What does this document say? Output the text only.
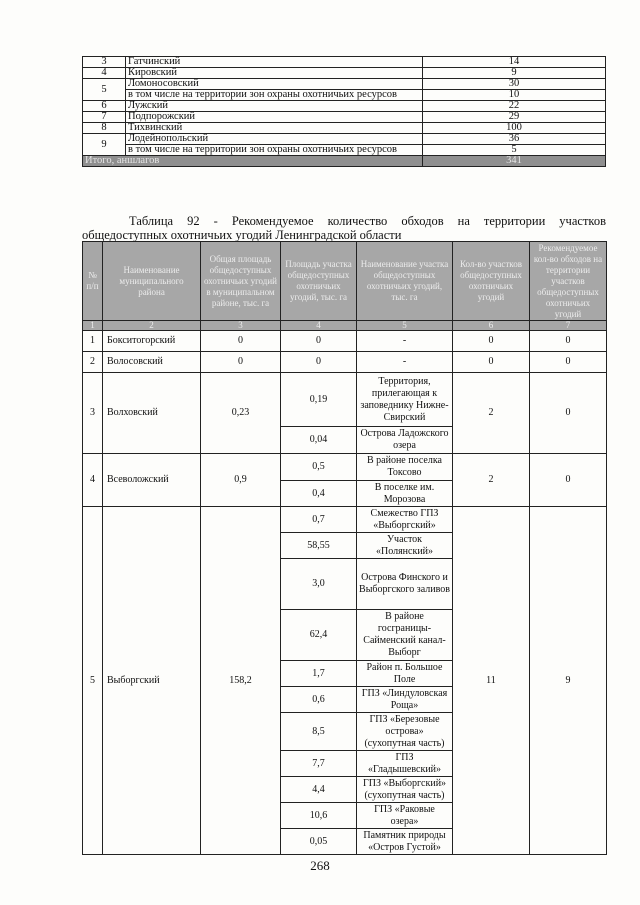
3	Гатчинский	14
4	Кировский	9
5	Ломоносовский	30
	в том числе на территории зон охраны охотничьих ресурсов	10
6	Лужский	22
7	Подпорожский	29
8	Тихвинский	100
9	Лодейнопольский	36
	в том числе на территории зон охраны охотничьих ресурсов	5
Итого, аншлагов		341
Таблица 92 - Рекомендуемое количество обходов на территории участков
общедоступных охотничьих угодий Ленинградской области
№ п/п	Наименование муниципального района	Общая площадь общедоступных охотничьих угодий в муниципальном районе, тыс. га	Площадь участка общедоступных охотничьих угодий, тыс. га	Наименование участка общедоступных охотничьих угодий, тыс. га	Кол-во участков общедоступных охотничьих угодий	Рекомендуемое кол-во обходов на территории участков общедоступных охотничьих угодий
1	2	3	4	5	6	7
1	Бокситогорский	0	0	-	0	0
2	Волосовский	0	0	-	0	0
3	Волховский	0,23	0,19	Территория, прилегающая к заповеднику Нижне-Свирский	2	0
			0,04	Острова Ладожского озера		
4	Всеволожский	0,9	0,5	В районе поселка Токсово	2	0
			0,4	В поселке им. Морозова		
5	Выборгский	158,2	0,7	Смежество ГПЗ «Выборгский»	11	9
			58,55	Участок «Полянский»		
			3,0	Острова Финского и Выборгского заливов		
			62,4	В районе госграницы-Сайменский канал-Выборг		
			1,7	Район п. Большое Поле		
			0,6	ГПЗ «Линдуловская Роща»		
			8,5	ГПЗ «Березовые острова» (сухопутная часть)		
			7,7	ГПЗ «Гладышевский»		
			4,4	ГПЗ «Выборгский» (сухопутная часть)		
			10,6	ГПЗ «Раковые озера»		
			0,05	Памятник природы «Остров Густой»		
268
